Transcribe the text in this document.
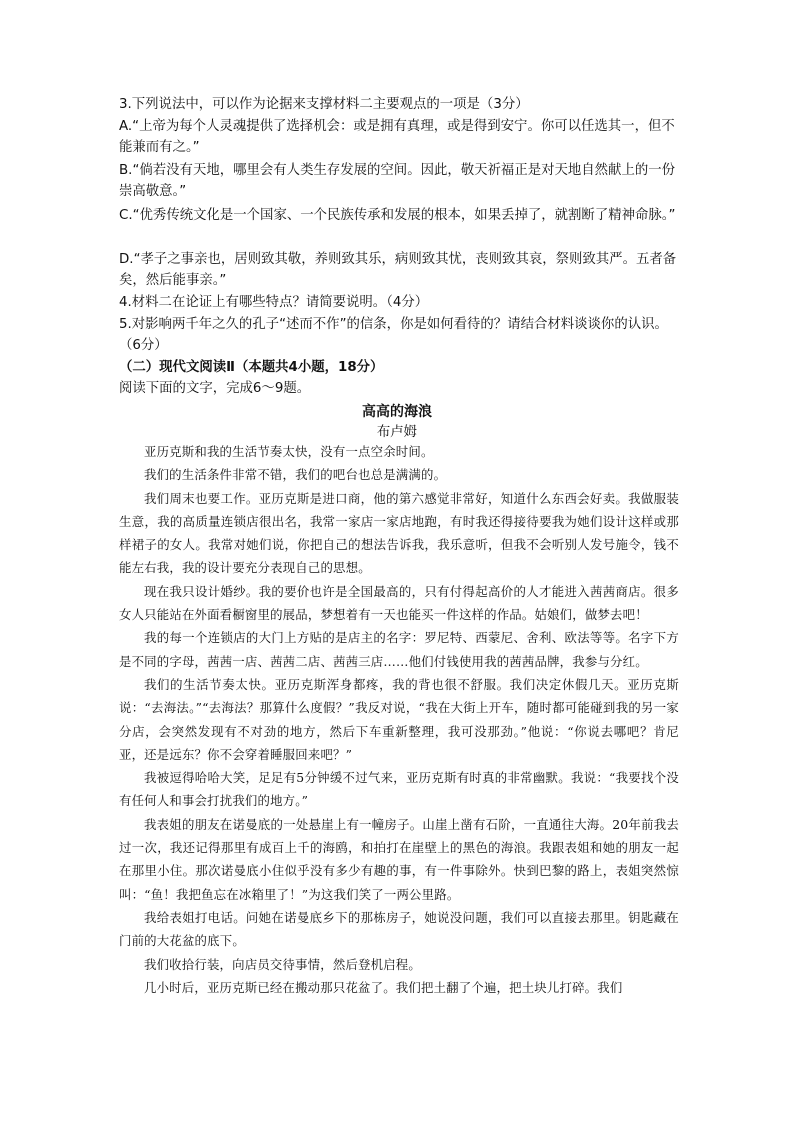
3.下列说法中，可以作为论据来支撑材料二主要观点的一项是（3分）

A.“上帝为每个人灵魂提供了选择机会：或是拥有真理，或是得到安宁。你可以任选其一，但不能兼而有之。”

B.“倘若没有天地，哪里会有人类生存发展的空间。因此，敬天祈福正是对天地自然献上的一份崇高敬意。”

C.“优秀传统文化是一个国家、一个民族传承和发展的根本，如果丢掉了，就割断了精神命脉。”

D.“孝子之事亲也，居则致其敬，养则致其乐，病则致其忧，丧则致其哀，祭则致其严。五者备矣，然后能事亲。”

4.材料二在论证上有哪些特点？请简要说明。（4分）

5.对影响两千年之久的孔子“述而不作”的信条，你是如何看待的？请结合材料谈谈你的认识。（6分）

（二）现代文阅读Ⅱ（本题共4小题，18分）

阅读下面的文字，完成6～9题。

高高的海浪

布卢姆

亚历克斯和我的生活节奏太快，没有一点空余时间。

我们的生活条件非常不错，我们的吧台也总是满满的。

我们周末也要工作。亚历克斯是进口商，他的第六感觉非常好，知道什么东西会好卖。我做服装生意，我的高质量连锁店很出名，我常一家店一家店地跑，有时我还得接待要我为她们设计这样或那样裙子的女人。我常对她们说，你把自己的想法告诉我，我乐意听，但我不会听别人发号施令，钱不能左右我，我的设计要充分表现自己的思想。

现在我只设计婚纱。我的要价也许是全国最高的，只有付得起高价的人才能进入茜茜商店。很多女人只能站在外面看橱窗里的展品，梦想着有一天也能买一件这样的作品。姑娘们，做梦去吧！

我的每一个连锁店的大门上方贴的是店主的名字：罗尼特、西蒙尼、舍利、欧法等等。名字下方是不同的字母，茜茜一店、茜茜二店、茜茜三店……他们付钱使用我的茜茜品牌，我参与分红。

我们的生活节奏太快。亚历克斯浑身都疼，我的背也很不舒服。我们决定休假几天。亚历克斯说：“去海法。”“去海法？那算什么度假？”我反对说，“我在大街上开车，随时都可能碰到我的另一家分店，会突然发现有不对劲的地方，然后下车重新整理，我可没那劲。”他说：“你说去哪吧？肯尼亚，还是远东？你不会穿着睡服回来吧？”

我被逗得哈哈大笑，足足有5分钟缓不过气来，亚历克斯有时真的非常幽默。我说：“我要找个没有任何人和事会打扰我们的地方。”

我表姐的朋友在诺曼底的一处悬崖上有一幢房子。山崖上凿有石阶，一直通往大海。20年前我去过一次，我还记得那里有成百上千的海鸥，和拍打在崖壁上的黑色的海浪。我跟表姐和她的朋友一起在那里小住。那次诺曼底小住似乎没有多少有趣的事，有一件事除外。快到巴黎的路上，表姐突然惊叫：“鱼！我把鱼忘在冰箱里了！”为这我们笑了一两公里路。

我给表姐打电话。问她在诺曼底乡下的那栋房子，她说没问题，我们可以直接去那里。钥匙藏在门前的大花盆的底下。

我们收拾行装，向店员交待事情，然后登机启程。

几小时后，亚历克斯已经在搬动那只花盆了。我们把土翻了个遍，把土块儿打碎。我们
